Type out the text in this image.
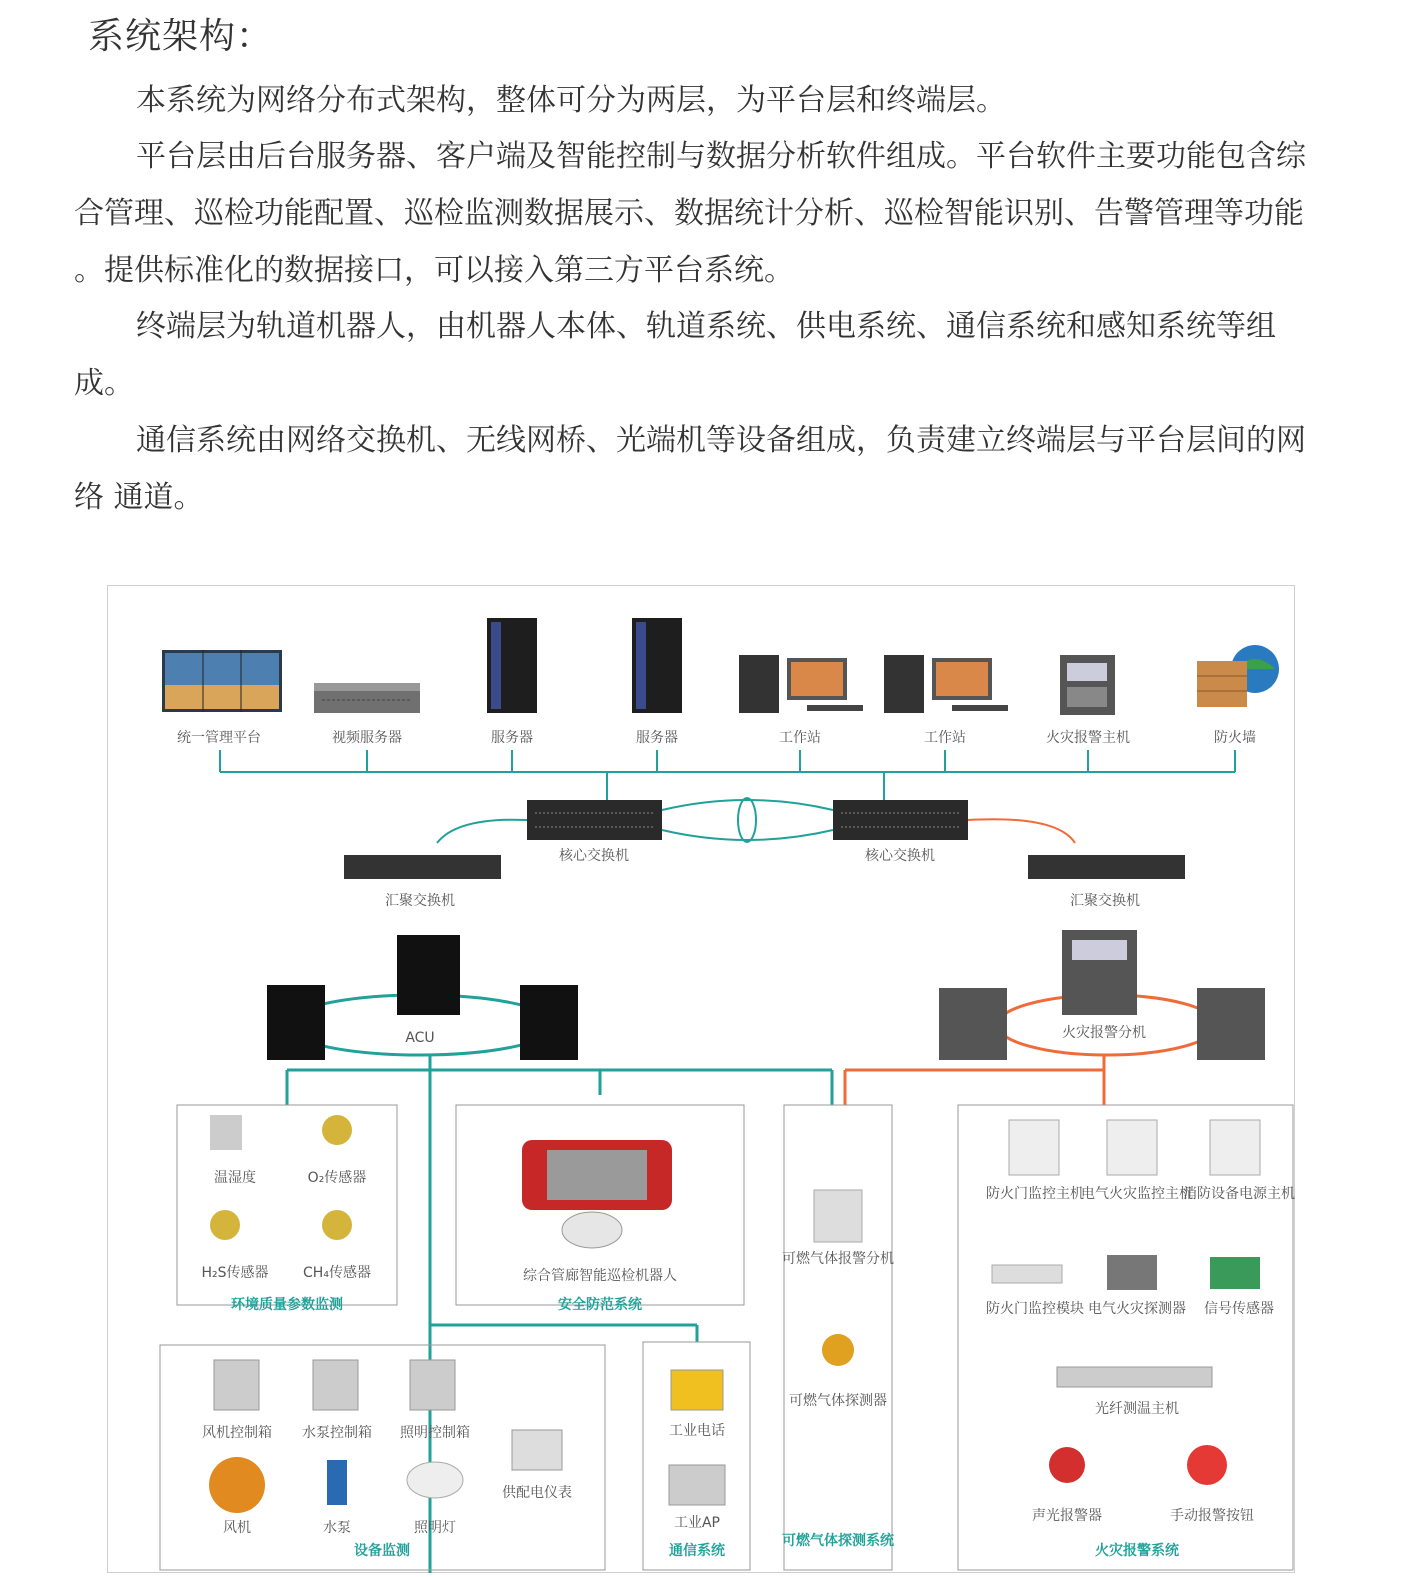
系统架构：

本系统为网络分布式架构，整体可分为两层，为平台层和终端层。

平台层由后台服务器、客户端及智能控制与数据分析软件组成。平台软件主要功能包含综合管理、巡检功能配置、巡检监测数据展示、数据统计分析、巡检智能识别、告警管理等功能 。提供标准化的数据接口，可以接入第三方平台系统。

终端层为轨道机器人，由机器人本体、轨道系统、供电系统、通信系统和感知系统等组成。

通信系统由网络交换机、无线网桥、光端机等设备组成，负责建立终端层与平台层间的网络 通道。

统一管理平台	视频服务器	服务器	服务器	工作站	工作站	火灾报警主机	防火墙
核心交换机	核心交换机
汇聚交换机	汇聚交换机
ACU	火灾报警分机
温湿度	O₂传感器
H₂S传感器 CH₄传感器
环境质量参数监测
综合管廊智能巡检机器人
安全防范系统
可燃气体报警分机
可燃气体探测器
可燃气体探测系统
防火门监控主机
电气火灾监控主机
消防设备电源主机
防火门监控模块 电气火灾探测器 信号传感器
光纤测温主机
声光报警器	手动报警按钮
火灾报警系统
风机控制箱 水泵控制箱 照明控制箱
供配电仪表
风机	水泵	照明灯
设备监测
工业电话
工业AP
通信系统
